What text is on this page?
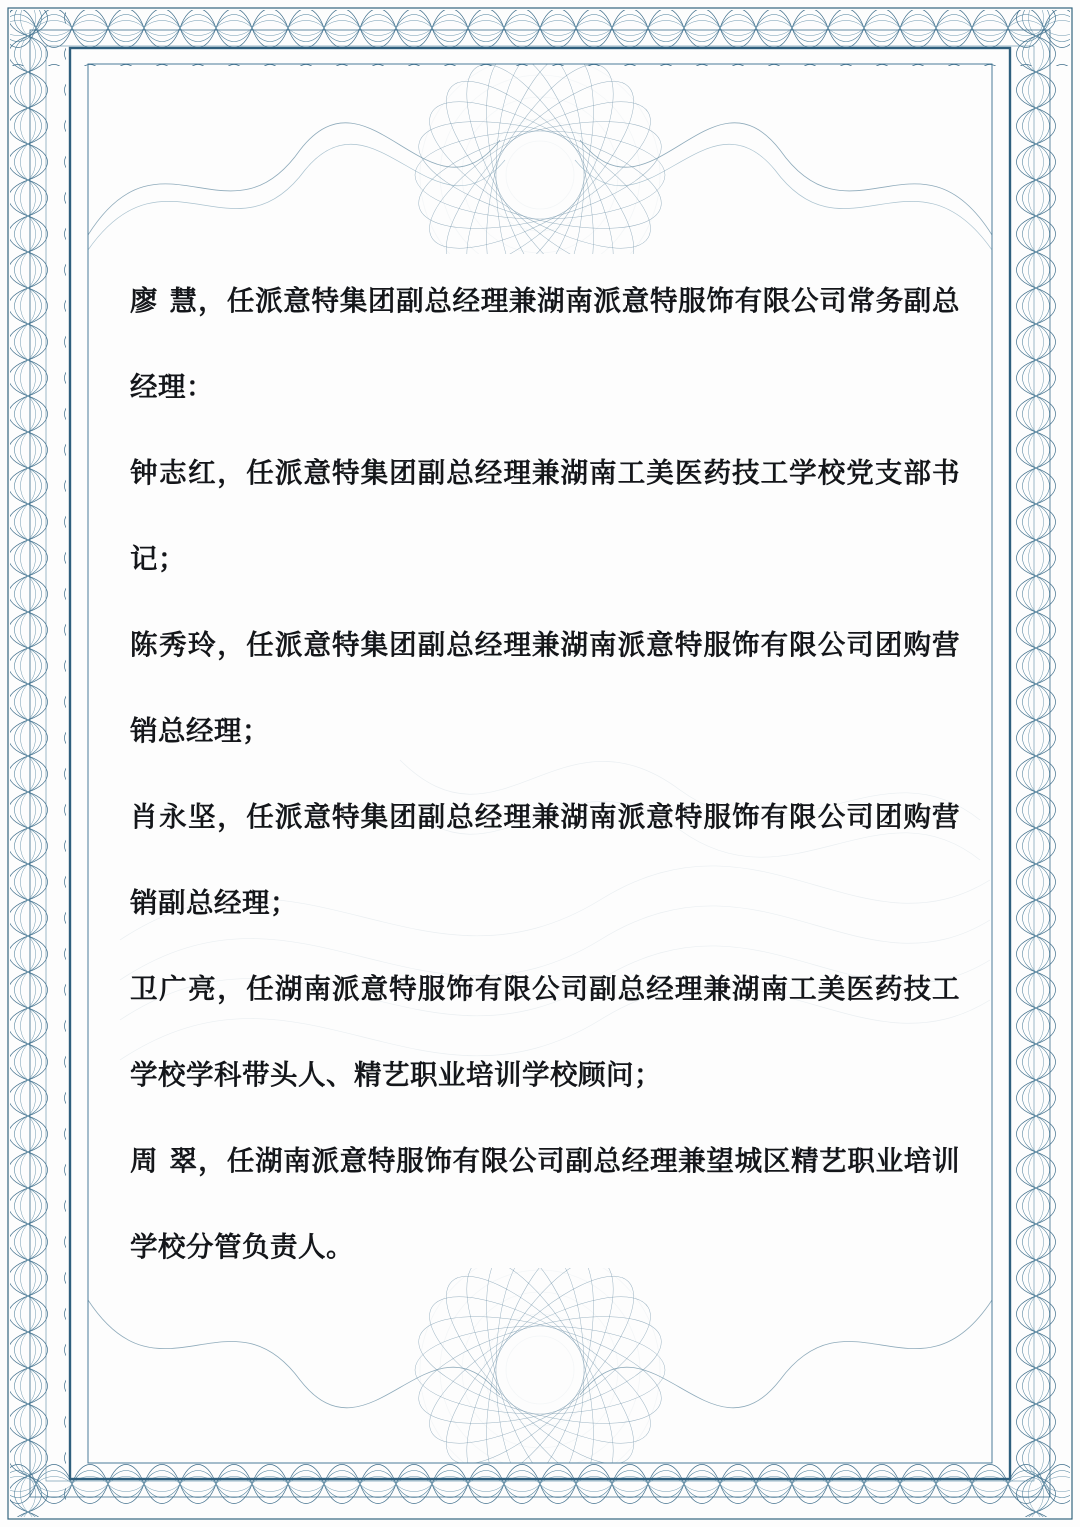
廖 慧，任派意特集团副总经理兼湖南派意特服饰有限公司常务副总经理：

钟志红，任派意特集团副总经理兼湖南工美医药技工学校党支部书记；

陈秀玲，任派意特集团副总经理兼湖南派意特服饰有限公司团购营销总经理；

肖永坚，任派意特集团副总经理兼湖南派意特服饰有限公司团购营销副总经理；

卫广亮，任湖南派意特服饰有限公司副总经理兼湖南工美医药技工学校学科带头人、精艺职业培训学校顾问；

周 翠，任湖南派意特服饰有限公司副总经理兼望城区精艺职业培训学校分管负责人。
